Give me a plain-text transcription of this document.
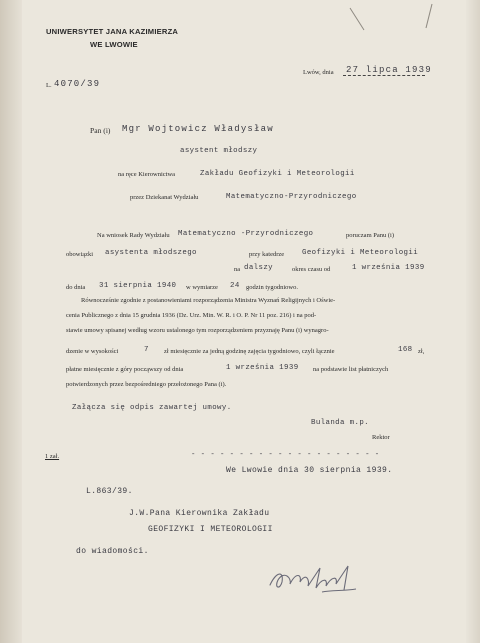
UNIWERSYTET JANA KAZIMIERZA
WE LWOWIE
L. 4070/39
Lwów, dnia 27 lipca 1939
Pan (i) Mgr Wojtowicz Władysław
asystent młodszy
na ręce Kierownictwa	Zakładu Geofizyki i Meteorologii
przez Dziekanat Wydziału	Matematyczno-Przyrodniczego
Na wniosek Rady Wydziału Matematyczno -Przyrodniczego	poruczam Panu (i)
obowiązki asystenta młodszego	przy katedrze Geofizyki i Meteorologii
na dalszy	okres czasu od	1 września 1939
do dnia 31 sierpnia 1940 w wymiarze 24 godzin tygodniowo.
Równocześnie zgodnie z postanowieniami rozporządzenia Ministra Wyznań Religijnych i Oświe-
cenia Publicznego z dnia 15 grudnia 1936 (Dz. Urz. Min. W. R. i O. P. Nr 11 poz. 216) i na pod-
stawie umowy spisanej według wzoru ustalonego tym rozporządzeniem przyznaję Panu (i) wynagro-
dzenie w wysokości	7 zł miesięcznie za jedną godzinę zajęcia tygodniowo, czyli łącznie	168 zł,
płatne miesięcznie z góry począwszy od dnia	1 września 1939 na podstawie list płatniczych
potwierdzonych przez bezpośredniego przełożonego Pana (i).
Załącza się odpis zawartej umowy.
Bulanda m.p.
Rektor
1 zał.	- - - - - - - - - - - - - - - - - - - -
We Lwowie dnia 30 sierpnia 1939.
L.863/39.
J.W.Pana Kierownika Zakładu
GEOFIZYKI I METEOROLOGII
do wiadomości.
